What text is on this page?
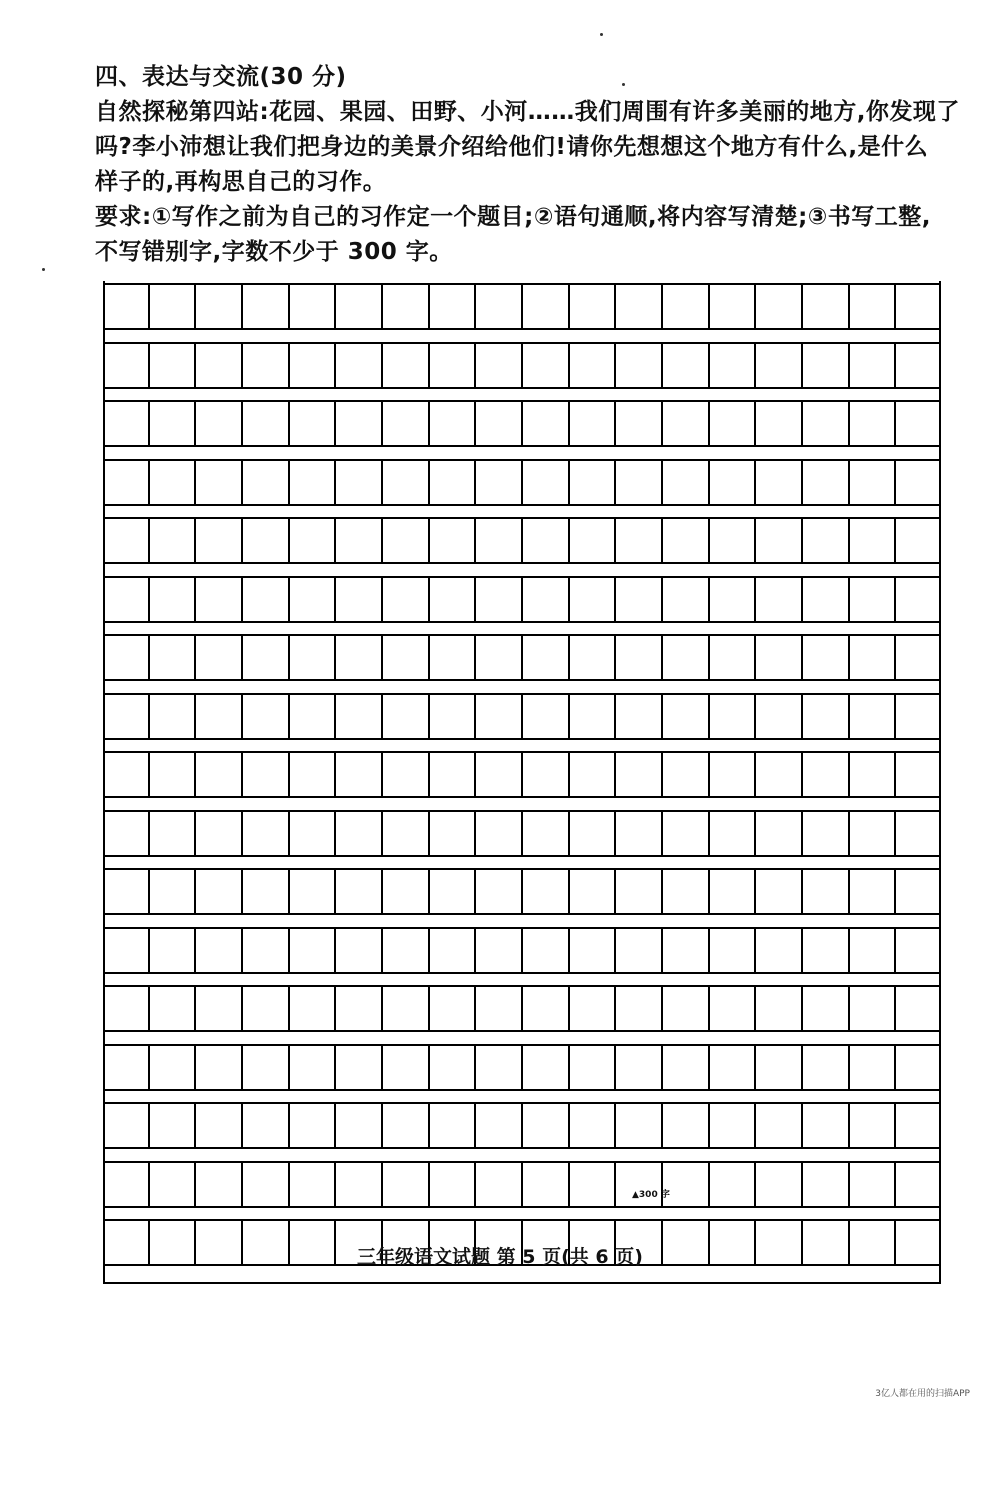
四、表达与交流(30 分)
自然探秘第四站:花园、果园、田野、小河……我们周围有许多美丽的地方,你发现了
吗?李小沛想让我们把身边的美景介绍给他们!请你先想想这个地方有什么,是什么
样子的,再构思自己的习作。
要求:①写作之前为自己的习作定一个题目;②语句通顺,将内容写清楚;③书写工整,
不写错别字,字数不少于 300 字。
▲300 字
三年级语文试题 第 5 页(共 6 页)
3亿人都在用的扫描APP
